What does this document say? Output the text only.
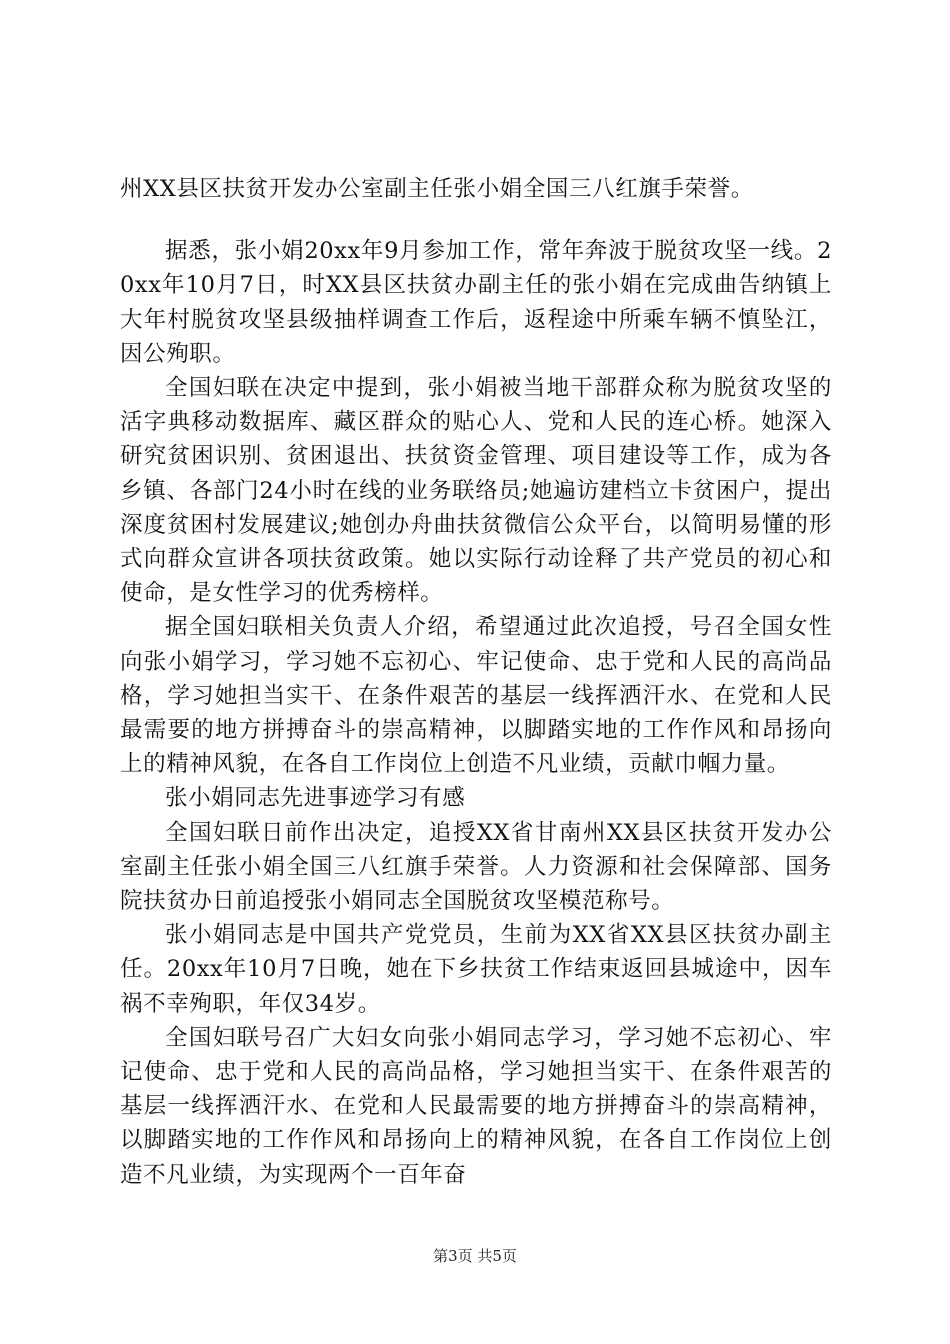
州XX县区扶贫开发办公室副主任张小娟全国三八红旗手荣誉。

据悉，张小娟20xx年9月参加工作，常年奔波于脱贫攻坚一线。20xx年10月7日，时XX县区扶贫办副主任的张小娟在完成曲告纳镇上大年村脱贫攻坚县级抽样调查工作后，返程途中所乘车辆不慎坠江，因公殉职。

全国妇联在决定中提到，张小娟被当地干部群众称为脱贫攻坚的活字典移动数据库、藏区群众的贴心人、党和人民的连心桥。她深入研究贫困识别、贫困退出、扶贫资金管理、项目建设等工作，成为各乡镇、各部门24小时在线的业务联络员;她遍访建档立卡贫困户，提出深度贫困村发展建议;她创办舟曲扶贫微信公众平台，以简明易懂的形式向群众宣讲各项扶贫政策。她以实际行动诠释了共产党员的初心和使命，是女性学习的优秀榜样。

据全国妇联相关负责人介绍，希望通过此次追授，号召全国女性向张小娟学习，学习她不忘初心、牢记使命、忠于党和人民的高尚品格，学习她担当实干、在条件艰苦的基层一线挥洒汗水、在党和人民最需要的地方拼搏奋斗的崇高精神，以脚踏实地的工作作风和昂扬向上的精神风貌，在各自工作岗位上创造不凡业绩，贡献巾帼力量。

张小娟同志先进事迹学习有感

全国妇联日前作出决定，追授XX省甘南州XX县区扶贫开发办公室副主任张小娟全国三八红旗手荣誉。人力资源和社会保障部、国务院扶贫办日前追授张小娟同志全国脱贫攻坚模范称号。

张小娟同志是中国共产党党员，生前为XX省XX县区扶贫办副主任。20xx年10月7日晚，她在下乡扶贫工作结束返回县城途中，因车祸不幸殉职，年仅34岁。

全国妇联号召广大妇女向张小娟同志学习，学习她不忘初心、牢记使命、忠于党和人民的高尚品格，学习她担当实干、在条件艰苦的基层一线挥洒汗水、在党和人民最需要的地方拼搏奋斗的崇高精神，以脚踏实地的工作作风和昂扬向上的精神风貌，在各自工作岗位上创造不凡业绩，为实现两个一百年奋

第3页 共5页
